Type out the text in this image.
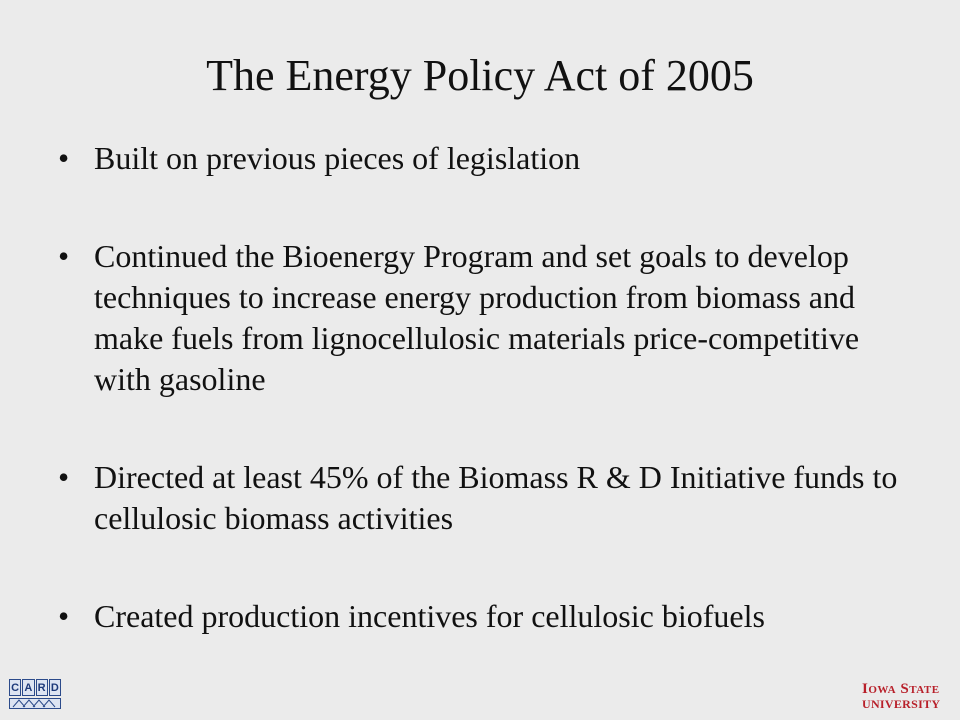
The Energy Policy Act of 2005
• Built on previous pieces of legislation
• Continued the Bioenergy Program and set goals to develop techniques to increase energy production from biomass and make fuels from lignocellulosic materials price-competitive with gasoline
• Directed at least 45% of the Biomass R & D Initiative funds to cellulosic biomass activities
• Created production incentives for cellulosic biofuels
C A R D	Iowa State
UNIVERSITY
